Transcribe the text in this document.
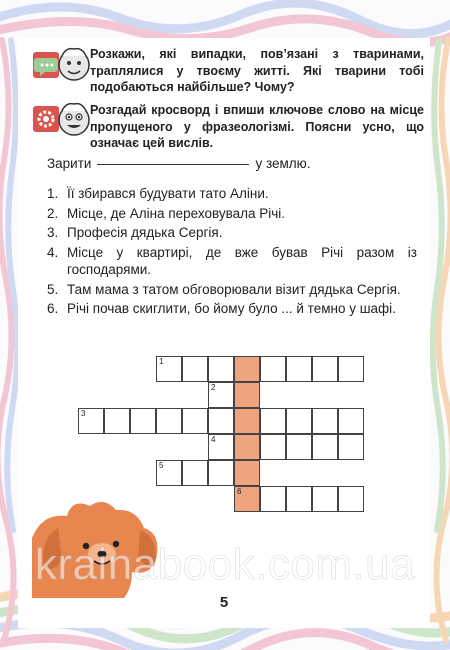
Розкажи, які випадки, пов’язані з тваринами, траплялися у твоєму житті. Які тварини тобі подобаються найбільше? Чому?
Розгадай кросворд і впиши ключове слово на місце пропущеного у фразеологізмі. Поясни усно, що означає цей вислів.
Зарити	у землю.
1. Її збирався будувати тато Аліни.
2. Місце, де Аліна переховувала Річі.
3. Професія дядька Сергія.
4. Місце у квартирі, де вже бував Річі разом із господарями.
5. Там мама з татом обговорювали візит дядька Сергія.
6. Річі почав скиглити, бо йому було ... й темно у шафі.
1
2
3
4
5
6
5
krainabook.com.ua
